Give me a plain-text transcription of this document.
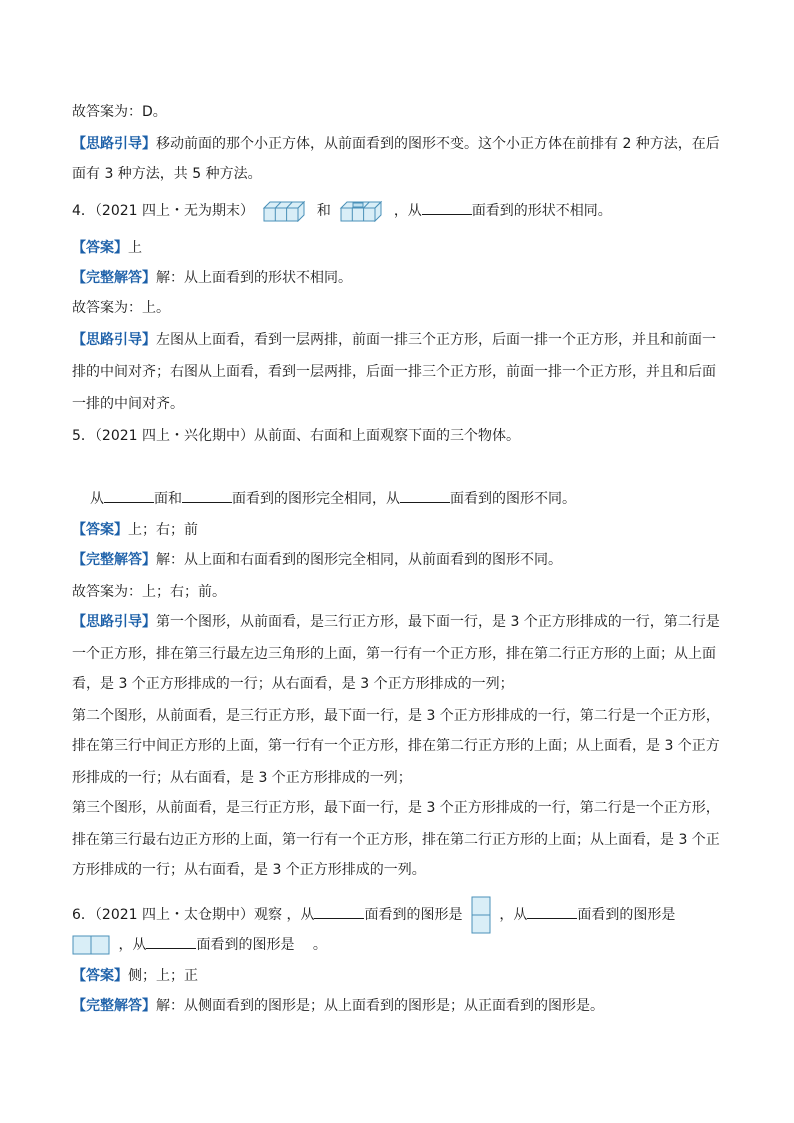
故答案为：D。
【思路引导】移动前面的那个小正方体，从前面看到的图形不变。这个小正方体在前排有 2 种方法，在后
面有 3 种方法，共 5 种方法。
4．（2021 四上・无为期末）	和	，从	面看到的形状不相同。
【答案】上
【完整解答】解：从上面看到的形状不相同。
故答案为：上。
【思路引导】左图从上面看，看到一层两排，前面一排三个正方形，后面一排一个正方形，并且和前面一
排的中间对齐；右图从上面看，看到一层两排，后面一排三个正方形，前面一排一个正方形，并且和后面
一排的中间对齐。
5．（2021 四上・兴化期中）从前面、右面和上面观察下面的三个物体。
从	面和	面看到的图形完全相同，从	面看到的图形不同。
【答案】上；右；前
【完整解答】解：从上面和右面看到的图形完全相同，从前面看到的图形不同。
故答案为：上；右；前。
【思路引导】第一个图形，从前面看，是三行正方形，最下面一行，是 3 个正方形排成的一行，第二行是
一个正方形，排在第三行最左边三角形的上面，第一行有一个正方形，排在第二行正方形的上面；从上面
看，是 3 个正方形排成的一行；从右面看，是 3 个正方形排成的一列；
第二个图形，从前面看，是三行正方形，最下面一行，是 3 个正方形排成的一行，第二行是一个正方形，
排在第三行中间正方形的上面，第一行有一个正方形，排在第二行正方形的上面；从上面看，是 3 个正方
形排成的一行；从右面看，是 3 个正方形排成的一列；
第三个图形，从前面看，是三行正方形，最下面一行，是 3 个正方形排成的一行，第二行是一个正方形，
排在第三行最右边正方形的上面，第一行有一个正方形，排在第二行正方形的上面；从上面看，是 3 个正
方形排成的一行；从右面看，是 3 个正方形排成的一列。
6．（2021 四上・太仓期中）观察 ，从	面看到的图形是	，从	面看到的图形是
，从	面看到的图形是 。
【答案】侧；上；正
【完整解答】解：从侧面看到的图形是；从上面看到的图形是；从正面看到的图形是。
